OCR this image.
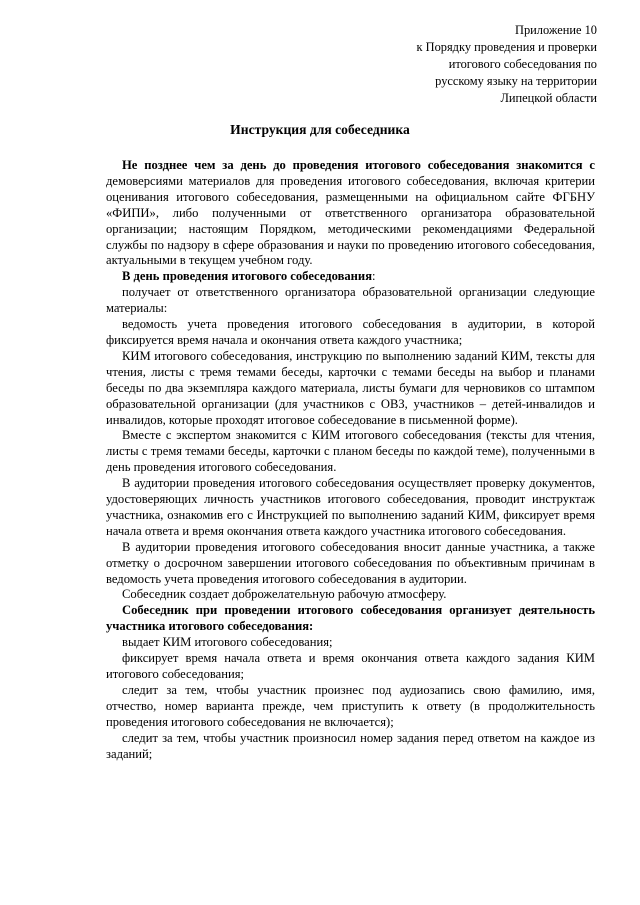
Приложение 10
к Порядку проведения и проверки
итогового собеседования по
русскому языку на территории
Липецкой области
Инструкция для собеседника

Не позднее чем за день до проведения итогового собеседования знакомится с демоверсиями материалов для проведения итогового собеседования, включая критерии оценивания итогового собеседования, размещенными на официальном сайте ФГБНУ «ФИПИ», либо полученными от ответственного организатора образовательной организации; настоящим Порядком, методическими рекомендациями Федеральной службы по надзору в сфере образования и науки по проведению итогового собеседования, актуальными в текущем учебном году.

В день проведения итогового собеседования:

получает от ответственного организатора образовательной организации следующие материалы:

ведомость учета проведения итогового собеседования в аудитории, в которой фиксируется время начала и окончания ответа каждого участника;

КИМ итогового собеседования, инструкцию по выполнению заданий КИМ, тексты для чтения, листы с тремя темами беседы, карточки с темами беседы на выбор и планами беседы по два экземпляра каждого материала, листы бумаги для черновиков со штампом образовательной организации (для участников с ОВЗ, участников – детей-инвалидов и инвалидов, которые проходят итоговое собеседование в письменной форме).

Вместе с экспертом знакомится с КИМ итогового собеседования (тексты для чтения, листы с тремя темами беседы, карточки с планом беседы по каждой теме), полученными в день проведения итогового собеседования.

В аудитории проведения итогового собеседования осуществляет проверку документов, удостоверяющих личность участников итогового собеседования, проводит инструктаж участника, ознакомив его с Инструкцией по выполнению заданий КИМ, фиксирует время начала ответа и время окончания ответа каждого участника итогового собеседования.

В аудитории проведения итогового собеседования вносит данные участника, а также отметку о досрочном завершении итогового собеседования по объективным причинам в ведомость учета проведения итогового собеседования в аудитории.

Собеседник создает доброжелательную рабочую атмосферу.

Собеседник при проведении итогового собеседования организует деятельность участника итогового собеседования:

выдает КИМ итогового собеседования;

фиксирует время начала ответа и время окончания ответа каждого задания КИМ итогового собеседования;

следит за тем, чтобы участник произнес под аудиозапись свою фамилию, имя, отчество, номер варианта прежде, чем приступить к ответу (в продолжительность проведения итогового собеседования не включается);

следит за тем, чтобы участник произносил номер задания перед ответом на каждое из заданий;
